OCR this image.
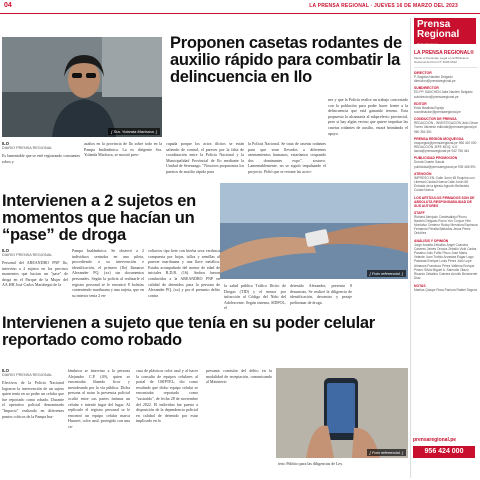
04	LA PRENSA REGIONAL · JUEVES 16 DE MARZO DEL 2023
[ Sra. Yolanda Machaca. ]
Proponen casetas rodantes de auxilio rápido para combatir la delincuencia en Ilo
ILO
DIARIO PRENSA REGIONAL

Es lamentable que se esté registrando constantes robos y

asaltos en la provincia de Ilo sobre todo en la Pampa Inalámbrica. La ex dirigente Sra. Yolanda Machaca, se mostró preo-

cupada porque los actos ilícitos se están saliendo de control, el parecer por la falta de coordinación entre la Policía Nacional y la Municipalidad Provincial de Ilo mediante la Unidad de Serenazgo. "Nosotros propusimos los puestos de auxilio rápido para

la Policía Nacional. Se trata de casetas rodantes para que sean llevados a diferentes asentamientos humanos, estaríamos ocupando dos dominantes expo", sostuvo. Lamentablemente, no se siguió impulsando el proyecto. Pidió que se retome las accio-

nes y que la Policía realice un trabajo concertado con la población para poder hacer frente a la delincuencia que está ganando terreno. Esta propuesta la alcanzaría al subprefecto provincial, pero si hay algún vecino que quiere impulsar las casetas rodantes de auxilio, estará brindando el apoyo.

Intervienen a 2 sujetos en momentos que hacían un “pase” de droga
[ Foto referencial. ]
ILO
DIARIO PRENSA REGIONAL

Personal del AREANDRO PNP Ilo, intervino a 2 sujetos en los precisos momentos que hacían un "pase" de droga en el Parque de la Mujer del AA.HH José Carlos Mariátegui de la

Pampa Inalámbrica. Se observó a 2 individuos sentados en una pileta, procediendo a su intervención e identificación, el primero (Ilo) llamarse Alexander PQ. (xx) sin documentos personales. Según la policía al realizarle el registro personal se le encontró 8 bolsitas conteniendo marihuana y una tarjeta, que en su interior tenía 2 en-

voltorios tipo kete con hierba seca verdusca compuesta por hojas, tallos y semillas al parecer marihuana y una llave metálica. Estaba acompañado del menor de edad de iniciales R.D.B. (16). Ambos fueron conducidos a la AREANDRO PNP en calidad de detenidos para la persona de Alexander PQ. (xx) y por el presunto delito contra

la salud pública Tráfico Ilícito de Drogas (TID) y el menor por infracción al Código del Niño del Adolescente. Según sistema, SIDPOL, el

detenido Alexander, presenta 8 denuncias. Se realizó la diligencia de identificación, decomiso y pesaje preliminar de droga.

Intervienen a sujeto que tenía en su poder celular reportado como robado
ILO
DIARIO PRENSA REGIONAL

Efectivos de la Policía Nacional lograron la intervención de un sujeto quien tenía en su poder un celular que fue reportado como robado. Durante el operativo policial denominado "Impacto" realizado en diferentes puntos críticos de la Pampa Ina-

lámbrica se intervino a la persona Alejandro C.P. (49), quien se encontraba libando licor y merodeando por la vía pública. Dicha persona al notar la presencia policial ocultó entre sus partes íntimas un celular e intentó fugar del lugar. Al replicarle el registro personal se le encontró un equipo celular marca Huawei, color azul, protegido con una ca-

casa de plásticos color azul y al hacer la consulta de equipos celulares al portal de OSIPTEL, dio como resultado que dicho equipo celular se encontraba reportado como "sustraído", de fecha 28 de noviembre del 2022. El individuo fue puesto a disposición de la dependencia policial en calidad de detenido por estar implicado en la

presunta comisión del delito en la modalidad de receptación, comunicando al Ministerio

[ Foto referencial. ]

terio Público para las diligencias de Ley.

Prensa Regional
Diario Regional
LA PRENSA REGIONAL®
Medio el Decanato Legal en la Biblioteca Nacional del Perú Nº 2006-5532
DIRECTOR
P. Bogdan Naclein Delgado direccion@prensaregional.pe
SUBDIRECTOR
ED.PP. SANCHEN Jaira Naclein Delgado subdirector@prensaregional.pe
EDITOR
Erick Bautista Espejo coordinacion@prensaregional.pe
CONDUCTOR DE PRENSA
REDACCIÓN - INVESTIGACIÓN Julio César Torres Valverde editorial@prensaregional.pe 960 354 351
PRENSA REGIÓN MOQUEGUA
moquegua@prensaregional.pe 956 420 000 REDACCIÓN JEFE MOQ. ILO tacna@prensaregional.pe 942 756 444
PUBLICIDAD PROMOCIÓN
Dorota Duarte Garcia publicidad@prensaregional.pe 939 466 991
ATENCIÓN
IMPRESO EN: Calle Junín 65 Esquina con Libertad Ciudad Nueva Calle Junín 68 Entrada de la iglesia Agustín Bellavista Cudad Nueva
LOS ARTÍCULOS FIRMADOS SON DE ABSOLUTA RESPONSABILIDAD DE SUS AUTORES
STAFF
Richard Alexjudo Carabvaliaju Pihuru Naclein Delgado Rocío Yon Corpuz Yimi Montalvo Centeno Rocky Mendoza Espinoza Fernando Peralta Bañados Jesús Pérez Ordóñez
ANÁLISIS Y OPINIÓN
Jorge Arcatta Zeballos Ángel Ccaccha Cáceres James Orcaos Zeballo Vicki Cadas Panaisu Julio Fuñiz Pinzo Jose Maria Velarde Juan Toribio Arvastea Edgar Lago Pawaraa Enrique Louis Pérez Julio Lupe Almanza Francisco Pérez Valleros Enrique Pinero Silvia Miguel A. Samudio Otazú Ricardo Zeballos Cabrera Arnulfo Benavente Díaz
NOTAS
Maritza Quispe Rosa Paniura Rafael Segura
prensaregional.pe
956 424 000
